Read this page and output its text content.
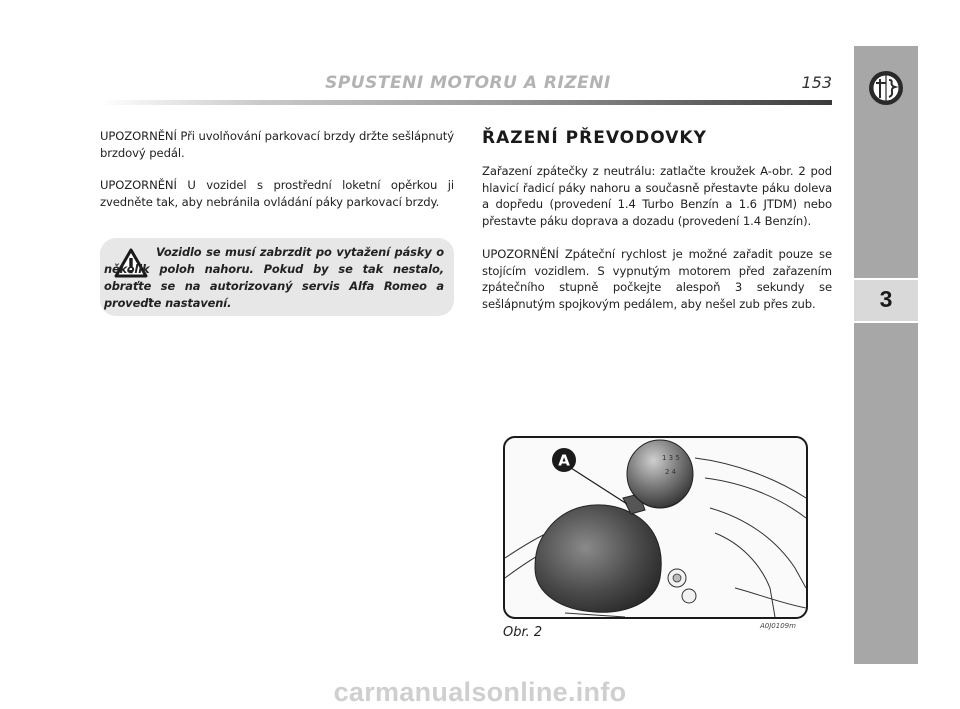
3
SPUSTENI MOTORU A RIZENI	153
UPOZORNĚNÍ Při uvolňování parkovací brzdy držte sešlápnutý brzdový pedál.
UPOZORNĚNÍ U vozidel s prostřední loketní opěrkou ji zvedněte tak, aby nebránila ovládání páky parkovací brzdy.
Vozidlo se musí zabrzdit po vytažení pásky o několik poloh nahoru. Pokud by se tak nestalo, obraťte se na autorizovaný servis Alfa Romeo a proveďte nastavení.
ŘAZENÍ PŘEVODOVKY
Zařazení zpátečky z neutrálu: zatlačte kroužek A-obr. 2 pod hlavicí řadicí páky nahoru a současně přestavte páku doleva a dopředu (provedení 1.4 Turbo Benzín a 1.6 JTDM) nebo přestavte páku doprava a dozadu (provedení 1.4 Benzín).
UPOZORNĚNÍ Zpáteční rychlost je možné zařadit pouze se stojícím vozidlem. S vypnutým motorem před zařazením zpátečního stupně počkejte alespoň 3 sekundy se sešlápnutým spojkovým pedálem, aby nešel zub přes zub.
1 3 5
2 4
A
Obr. 2	A0J0109m
carmanualsonline.info
